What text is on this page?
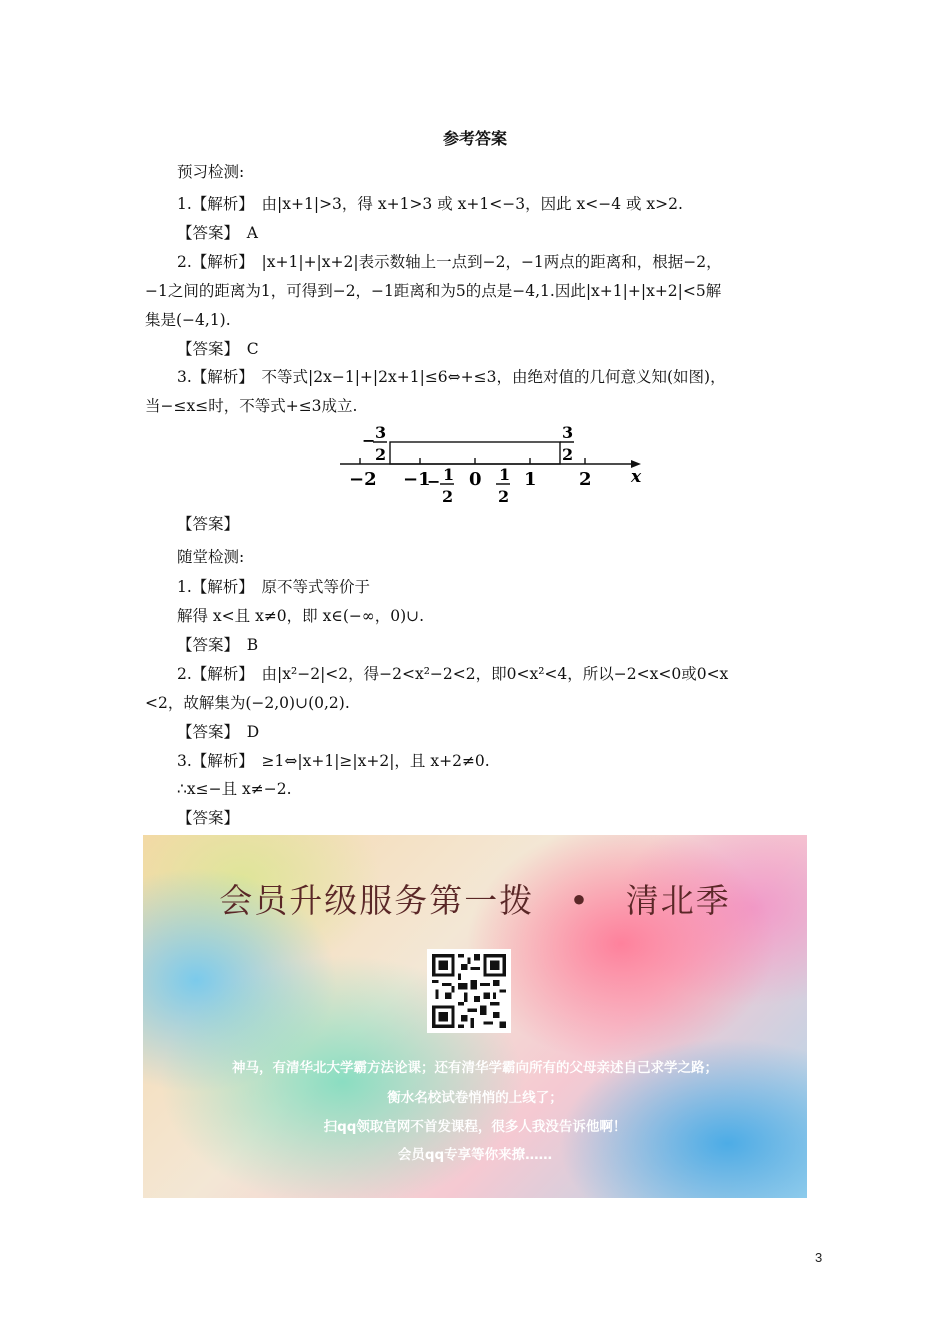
参考答案
预习检测:
1.【解析】　由|x+1|>3，得 x+1>3 或 x+1<−3，因此 x<−4 或 x>2.
【答案】　A
2.【解析】　|x+1|+|x+2|表示数轴上一点到−2，−1两点的距离和，根据−2，
−1之间的距离为1，可得到−2，−1距离和为5的点是−4,1.因此|x+1|+|x+2|<5解
集是(−4,1).
【答案】　C
3.【解析】　不等式|2x−1|+|2x+1|≤6⇔+≤3，由绝对值的几何意义知(如图)，
当−≤x≤时，不等式+≤3成立.
x
−2 −1 0 1 2
− 1
2
1
2
− 3
2
3
2
【答案】
随堂检测:
1.【解析】　原不等式等价于
解得 x<且 x≠0，即 x∈(−∞，0)∪.
【答案】　B
2.【解析】　由|x²−2|<2，得−2<x²−2<2，即0<x²<4，所以−2<x<0或0<x
<2，故解集为(−2,0)∪(0,2).
【答案】　D
3.【解析】　≥1⇔|x+1|≥|x+2|，且 x+2≠0.
∴x≤−且 x≠−2.
【答案】
会员升级服务第一拨　•　清北季
神马，有清华北大学霸方法论课；还有清华学霸向所有的父母亲述自己求学之路；
衡水名校试卷悄悄的上线了；
扫qq领取官网不首发课程，很多人我没告诉他啊！
会员qq专享等你来撩……
3
